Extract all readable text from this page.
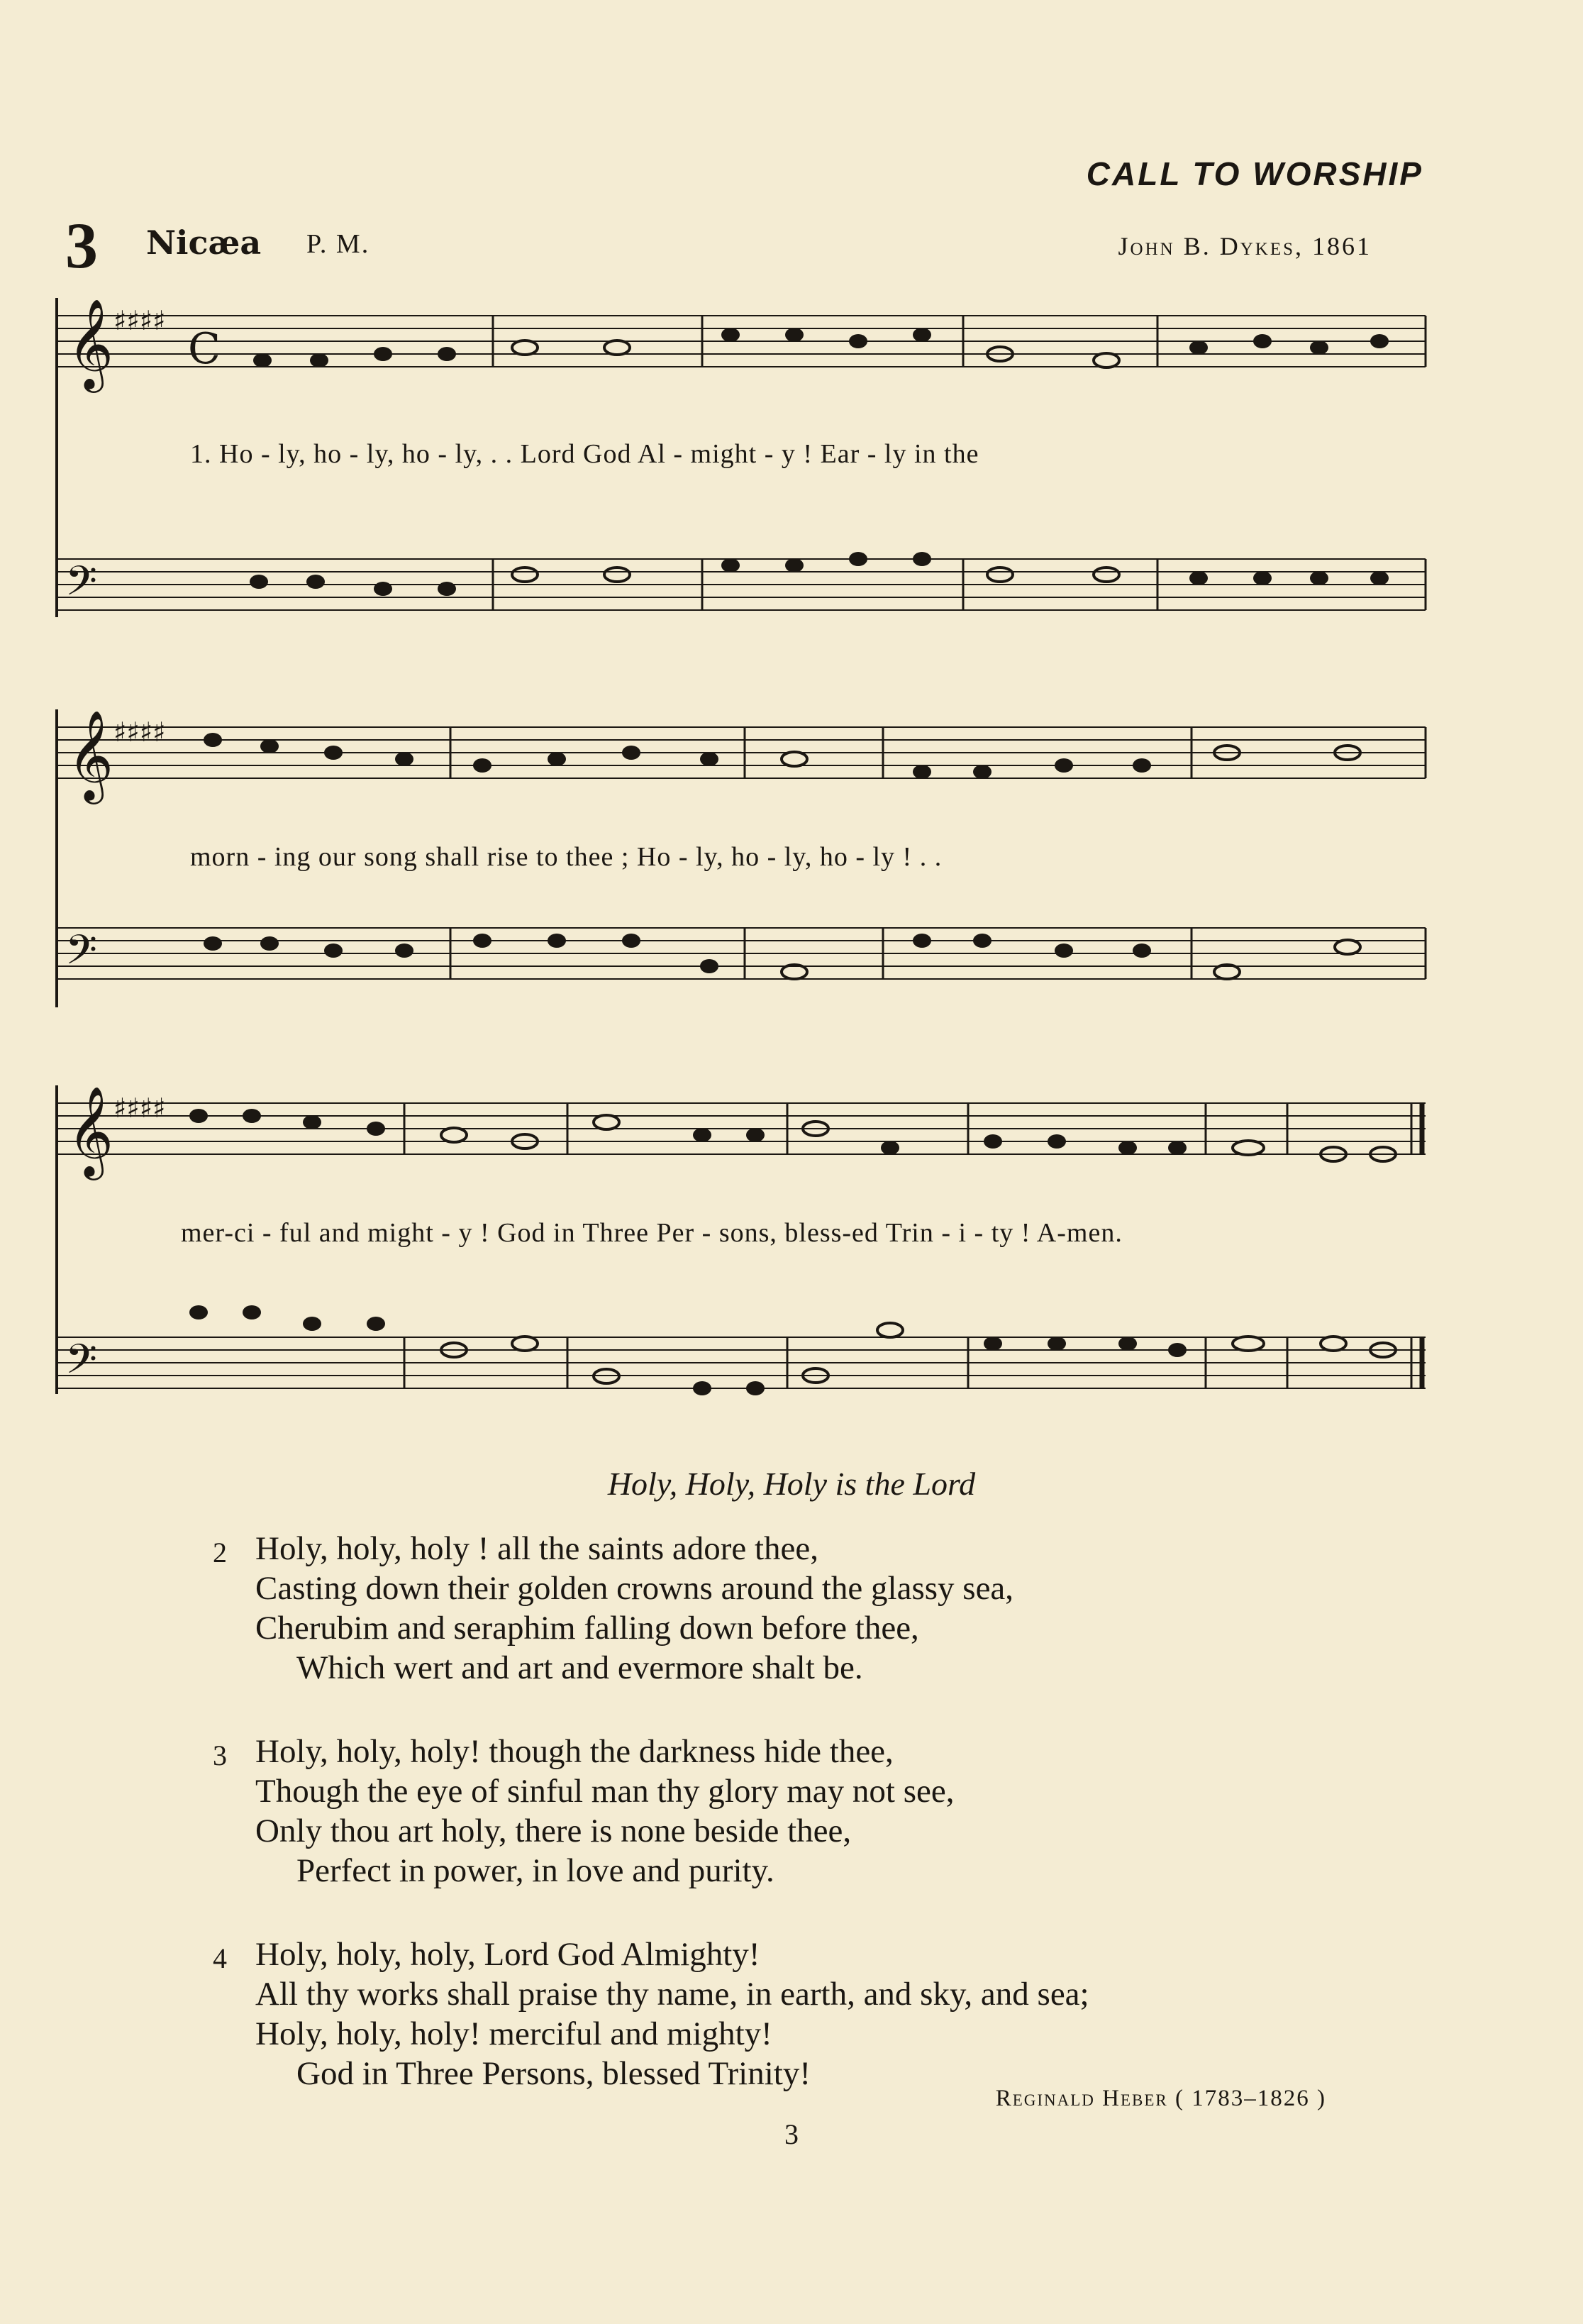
CALL TO WORSHIP
3 Nicæa P. M.	John B. Dykes, 1861
𝄞
𝄢
♯♯♯♯
C
𝄞
𝄢
♯♯♯♯
𝄞
𝄢
♯♯♯♯
1. Ho - ly, ho - ly, ho - ly, . . Lord God Al - might - y ! Ear - ly in the
morn - ing our song shall rise to thee ; Ho - ly, ho - ly, ho - ly ! . .
mer-ci - ful and might - y ! God in Three Per - sons, bless-ed Trin - i - ty ! A-men.
Holy, Holy, Holy is the Lord
2 Holy, holy, holy ! all the saints adore thee,
Casting down their golden crowns around the glassy sea,
Cherubim and seraphim falling down before thee,
Which wert and art and evermore shalt be.
3 Holy, holy, holy! though the darkness hide thee,
Though the eye of sinful man thy glory may not see,
Only thou art holy, there is none beside thee,
Perfect in power, in love and purity.
4 Holy, holy, holy, Lord God Almighty!
All thy works shall praise thy name, in earth, and sky, and sea;
Holy, holy, holy! merciful and mighty!
God in Three Persons, blessed Trinity!
Reginald Heber ( 1783–1826 )
3
